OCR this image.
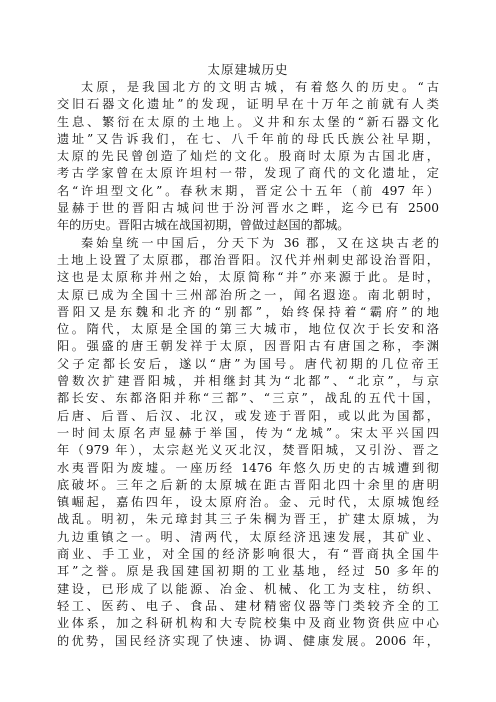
太原建城历史
太原，是我国北方的文明古城，有着悠久的历史。“古
交旧石器文化遗址”的发现，证明早在十万年之前就有人类
生息、繁衍在太原的土地上。义井和东太堡的“新石器文化
遗址”又告诉我们，在七、八千年前的母氏氏族公社早期，
太原的先民曾创造了灿烂的文化。殷商时太原为古国北唐，
考古学家曾在太原许坦村一带，发现了商代的文化遗址，定
名“许坦型文化”。春秋末期，晋定公十五年（前 497 年）
显赫于世的晋阳古城问世于汾河晋水之畔，迄今已有 2500
年的历史。晋阳古城在战国初期，曾做过赵国的都城。
秦始皇统一中国后，分天下为 36 郡，又在这块古老的
土地上设置了太原郡，郡治晋阳。汉代并州刺史部设治晋阳，
这也是太原称并州之始，太原简称“并”亦来源于此。是时，
太原已成为全国十三州部治所之一，闻名遐迩。南北朝时，
晋阳又是东魏和北齐的“别都”，始终保持着“霸府”的地
位。隋代，太原是全国的第三大城市，地位仅次于长安和洛
阳。强盛的唐王朝发祥于太原，因晋阳古有唐国之称，李渊
父子定都长安后，遂以“唐”为国号。唐代初期的几位帝王
曾数次扩建晋阳城，并相继封其为“北都”、“北京”，与京
都长安、东都洛阳并称“三都”、“三京”，战乱的五代十国，
后唐、后晋、后汉、北汉，或发迹于晋阳，或以此为国都，
一时间太原名声显赫于举国，传为“龙城”。宋太平兴国四
年（979 年），太宗赵光义灭北汉，焚晋阳城，又引汾、晋之
水夷晋阳为废墟。一座历经 1476 年悠久历史的古城遭到彻
底破坏。三年之后新的太原城在距古晋阳北四十余里的唐明
镇崛起，嘉佑四年，设太原府治。金、元时代，太原城饱经
战乱。明初，朱元璋封其三子朱棡为晋王，扩建太原城，为
九边重镇之一。明、清两代，太原经济迅速发展，其矿业、
商业、手工业，对全国的经济影响很大，有“晋商执全国牛
耳”之誉。原是我国建国初期的工业基地，经过 50 多年的
建设，已形成了以能源、冶金、机械、化工为支柱，纺织、
轻工、医药、电子、食品、建材精密仪器等门类较齐全的工
业体系，加之科研机构和大专院校集中及商业物资供应中心
的优势，国民经济实现了快速、协调、健康发展。2006 年，
